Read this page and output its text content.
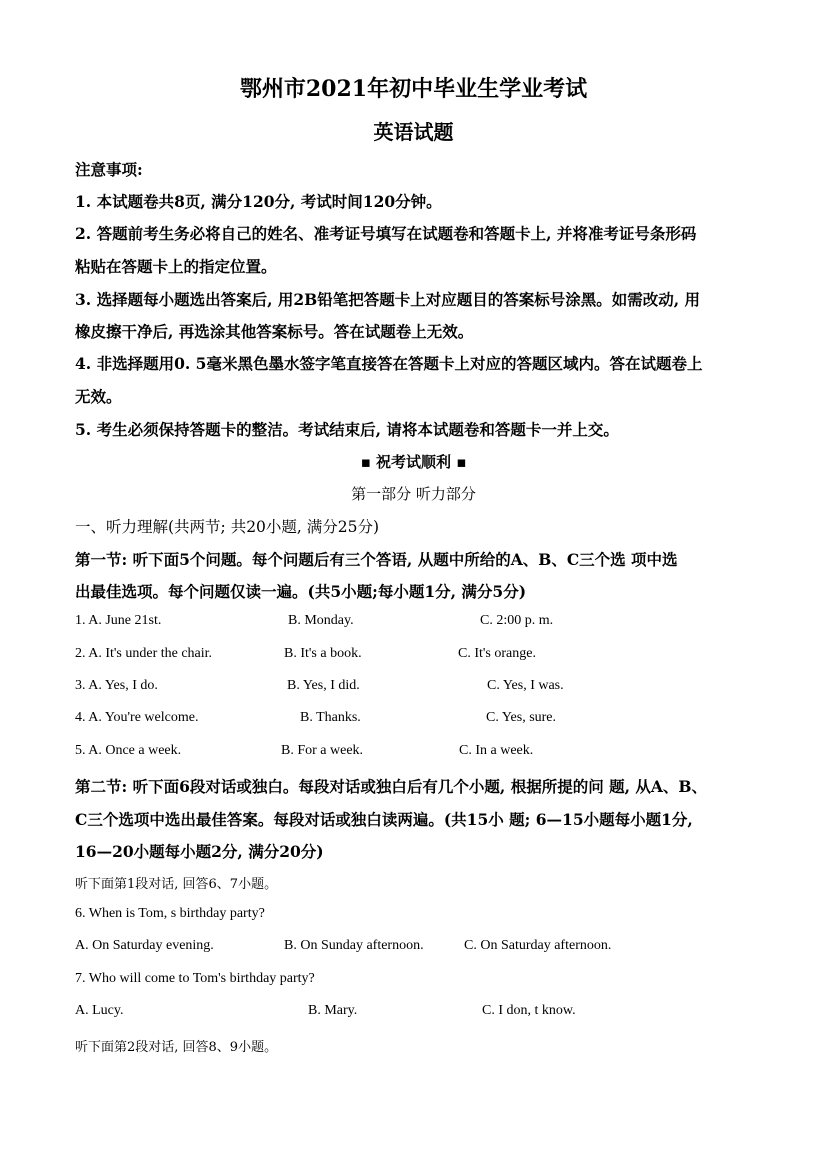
鄂州市2021年初中毕业生学业考试
英语试题
注意事项:
1. 本试题卷共8页, 满分120分, 考试时间120分钟。
2. 答题前考生务必将自己的姓名、准考证号填写在试题卷和答题卡上, 并将准考证号条形码
粘贴在答题卡上的指定位置。
3. 选择题每小题选出答案后, 用2B铅笔把答题卡上对应题目的答案标号涂黑。如需改动, 用
橡皮擦干净后, 再选涂其他答案标号。答在试题卷上无效。
4. 非选择题用0. 5毫米黑色墨水签字笔直接答在答题卡上对应的答题区域内。答在试题卷上
无效。
5. 考生必须保持答题卡的整洁。考试结束后, 请将本试题卷和答题卡一并上交。
▪ 祝考试顺利 ▪
第一部分 听力部分
一、听力理解(共两节; 共20小题, 满分25分)
第一节: 听下面5个问题。每个问题后有三个答语, 从题中所给的A、B、C三个选 项中选
出最佳选项。每个问题仅读一遍。(共5小题;每小题1分, 满分5分)
1. A. June 21st.	B. Monday.	C. 2:00 p. m.
2. A. It's under the chair.	B. It's a book.	C. It's orange.
3. A. Yes, I do.	B. Yes, I did.	C. Yes, I was.
4. A. You're welcome.	B. Thanks.	C. Yes, sure.
5. A. Once a week.	B. For a week.	C. In a week.
第二节: 听下面6段对话或独白。每段对话或独白后有几个小题, 根据所提的问 题, 从A、B、
C三个选项中选出最佳答案。每段对话或独白读两遍。(共15小 题; 6—15小题每小题1分,
16—20小题每小题2分, 满分20分)
听下面第1段对话, 回答6、7小题。
6. When is Tom, s birthday party?
A. On Saturday evening.	B. On Sunday afternoon.	C. On Saturday afternoon.
7. Who will come to Tom's birthday party?
A. Lucy.	B. Mary.	C. I don, t know.
听下面第2段对话, 回答8、9小题。
